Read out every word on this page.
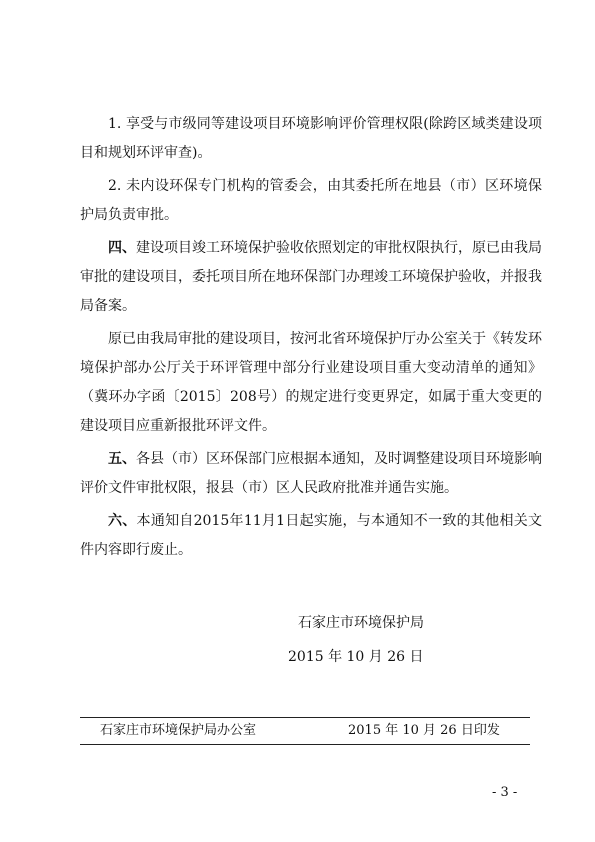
1. 享受与市级同等建设项目环境影响评价管理权限(除跨区域类建设项目和规划环评审查)。

2. 未内设环保专门机构的管委会，由其委托所在地县（市）区环境保护局负责审批。

四、建设项目竣工环境保护验收依照划定的审批权限执行，原已由我局审批的建设项目，委托项目所在地环保部门办理竣工环境保护验收，并报我局备案。

原已由我局审批的建设项目，按河北省环境保护厅办公室关于《转发环境保护部办公厅关于环评管理中部分行业建设项目重大变动清单的通知》（冀环办字函〔2015〕208号）的规定进行变更界定，如属于重大变更的建设项目应重新报批环评文件。

五、各县（市）区环保部门应根据本通知，及时调整建设项目环境影响评价文件审批权限，报县（市）区人民政府批准并通告实施。

六、本通知自2015年11月1日起实施，与本通知不一致的其他相关文件内容即行废止。

石家庄市环境保护局
2015 年 10 月 26 日
石家庄市环境保护局办公室	2015 年 10 月 26 日印发
- 3 -
